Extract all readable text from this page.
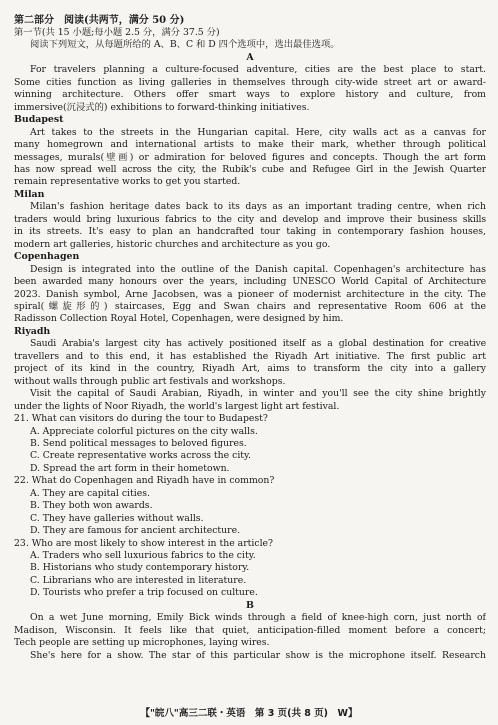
第二部分　阅读(共两节，满分 50 分)
第一节(共 15 小题;每小题 2.5 分，满分 37.5 分)
阅读下列短文，从每题所给的 A、B、C 和 D 四个选项中，选出最佳选项。
A
For travelers planning a culture-focused adventure, cities are the best place to start.
Some cities function as living galleries in themselves through city-wide street art or award-
winning architecture. Others offer smart ways to explore history and culture, from
immersive(沉浸式的) exhibitions to forward-thinking initiatives.
Budapest
Art takes to the streets in the Hungarian capital. Here, city walls act as a canvas for
many homegrown and international artists to make their mark, whether through political
messages, murals(壁画) or admiration for beloved figures and concepts. Though the art form
has now spread well across the city, the Rubik's cube and Refugee Girl in the Jewish Quarter
remain representative works to get you started.
Milan
Milan's fashion heritage dates back to its days as an important trading centre, when rich
traders would bring luxurious fabrics to the city and develop and improve their business skills
in its streets. It's easy to plan an handcrafted tour taking in contemporary fashion houses,
modern art galleries, historic churches and architecture as you go.
Copenhagen
Design is integrated into the outline of the Danish capital. Copenhagen's architecture has
been awarded many honours over the years, including UNESCO World Capital of Architecture
2023. Danish symbol, Arne Jacobsen, was a pioneer of modernist architecture in the city. The
spiral(螺旋形的) staircases, Egg and Swan chairs and representative Room 606 at the
Radisson Collection Royal Hotel, Copenhagen, were designed by him.
Riyadh
Saudi Arabia's largest city has actively positioned itself as a global destination for creative
travellers and to this end, it has established the Riyadh Art initiative. The first public art
project of its kind in the country, Riyadh Art, aims to transform the city into a gallery
without walls through public art festivals and workshops.
Visit the capital of Saudi Arabian, Riyadh, in winter and you'll see the city shine brightly
under the lights of Noor Riyadh, the world's largest light art festival.
21. What can visitors do during the tour to Budapest?
A. Appreciate colorful pictures on the city walls.
B. Send political messages to beloved figures.
C. Create representative works across the city.
D. Spread the art form in their hometown.
22. What do Copenhagen and Riyadh have in common?
A. They are capital cities.
B. They both won awards.
C. They have galleries without walls.
D. They are famous for ancient architecture.
23. Who are most likely to show interest in the article?
A. Traders who sell luxurious fabrics to the city.
B. Historians who study contemporary history.
C. Librarians who are interested in literature.
D. Tourists who prefer a trip focused on culture.
B
On a wet June morning, Emily Bick winds through a field of knee-high corn, just north of
Madison, Wisconsin. It feels like that quiet, anticipation-filled moment before a concert;
Tech people are setting up microphones, laying wires.
She's here for a show. The star of this particular show is the microphone itself. Research
【"皖八"高三二联・英语　第 3 页(共 8 页)　W】
